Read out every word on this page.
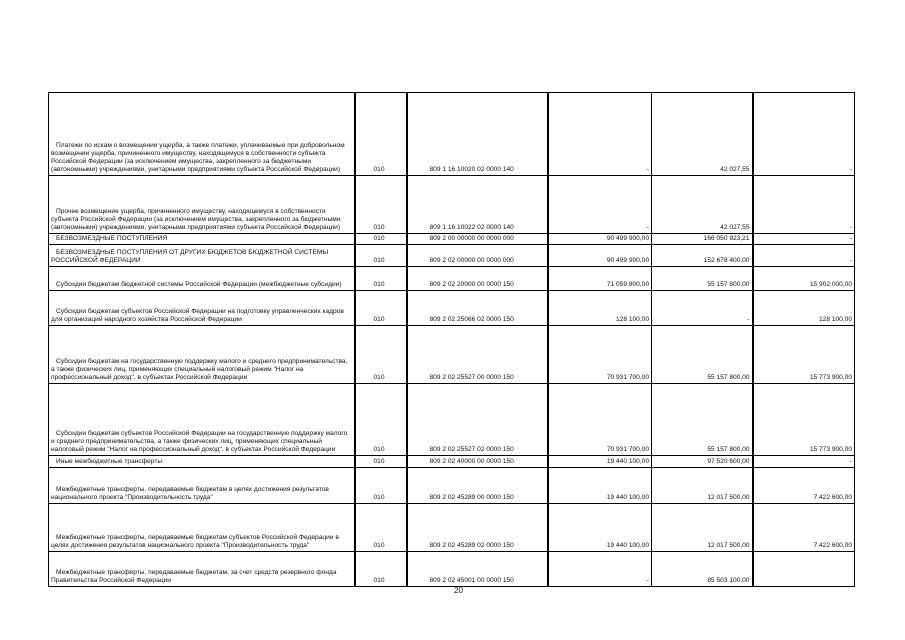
Платежи по искам о возмещении ущерба, а также платежи, уплачиваемые при добровольном возмещении ущерба, причиненного имуществу, находящемуся в собственности субъекта Российской Федерации (за исключением имущества, закрепленного за бюджетными (автономными) учреждениями, унитарными предприятиями субъекта Российской Федерации)	010	809 1 16 10020 02 0000 140	-	42 027,55	-
Прочее возмещение ущерба, причиненного имуществу, находящемуся в собственности субъекта Российской Федерации (за исключением имущества, закрепленного за бюджетными (автономными) учреждениями, унитарными предприятиями субъекта Российской Федерации)	010	809 1 16 10022 02 0000 140	-	42 027,55	-
БЕЗВОЗМЕЗДНЫЕ ПОСТУПЛЕНИЯ	010	809 2 00 00000 00 0000 000	90 499 900,00	166 050 923,21	-
БЕЗВОЗМЕЗДНЫЕ ПОСТУПЛЕНИЯ ОТ ДРУГИХ БЮДЖЕТОВ БЮДЖЕТНОЙ СИСТЕМЫ РОССИЙСКОЙ ФЕДЕРАЦИИ	010	809 2 02 00000 00 0000 000	90 499 900,00	152 678 400,00	-
Субсидии бюджетам бюджетной системы Российской Федерации (межбюджетные субсидии)	010	809 2 02 20000 00 0000 150	71 059 800,00	55 157 800,00	15 902 000,00
Субсидии бюджетам субъектов Российской Федерации на подготовку управленческих кадров для организаций народного хозяйства Российской Федерации	010	809 2 02 25066 02 0000 150	128 100,00	-	128 100,00
Субсидии бюджетам на государственную поддержку малого и среднего предпринимательства, а также физических лиц, применяющих специальный налоговый режим "Налог на профессиональный доход", в субъектах Российской Федерации	010	809 2 02 25527 00 0000 150	70 931 700,00	55 157 800,00	15 773 900,00
Субсидии бюджетам субъектов Российской Федерации на государственную поддержку малого и среднего предпринимательства, а также физических лиц, применяющих специальный налоговый режим "Налог на профессиональный доход", в субъектах Российской Федерации	010	809 2 02 25527 02 0000 150	70 931 700,00	55 157 800,00	15 773 900,00
Иные межбюджетные трансферты	010	809 2 02 40000 00 0000 150	19 440 100,00	97 520 600,00	-
Межбюджетные трансферты, передаваемые бюджетам в целях достижения результатов национального проекта "Производительность труда"	010	809 2 02 45289 00 0000 150	19 440 100,00	12 017 500,00	7 422 600,00
Межбюджетные трансферты, передаваемые бюджетам субъектов Российской Федерации в целях достижения результатов национального проекта "Производительность труда"	010	809 2 02 45289 02 0000 150	19 440 100,00	12 017 500,00	7 422 600,00
Межбюджетные трансферты, передаваемые бюджетам, за счет средств резервного фонда Правительства Российской Федерации	010	809 2 02 45001 00 0000 150	-	85 503 100,00	
20
